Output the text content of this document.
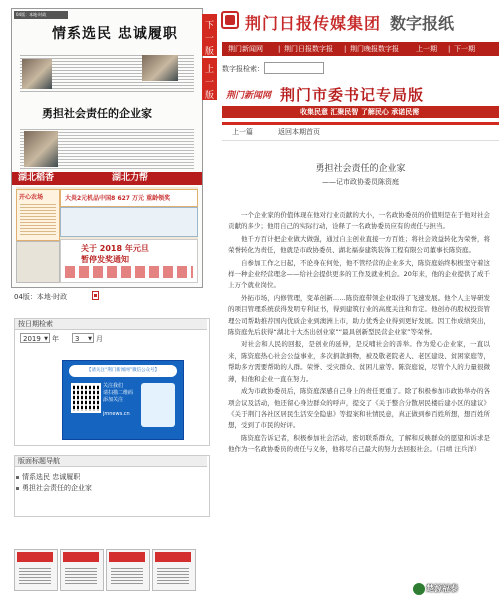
04版：本地·时政
情系选民 忠诚履职
勇担社会责任的企业家
湖北稻香	湖北力帮
开心农场	大炎2元机品中国8 627 万元 重龄领奖
关于 2018 年元旦
暂停发奖通知
下一版
上一版
荆门日报传媒集团 数字报纸
荆门新闻网 | 荆门日报数字报 | 荆门晚报数字报 上一期 | 下一期
数字报检索：
荆门新闻网 荆门市委书记专局版
收集民意 汇聚民智 了解民心 承诺民需
上一篇	返回本期首页
勇担社会责任的企业家
——记市政协委员陈资庭

一个企业家的价值体现在他对行业贡献的大小，一名政协委员的价值则是在于他对社会贡献的多少；他用自己的实际行动，诠释了一名政协委员应有的责任与担当。

他千方百计把企业做大做强，通过自主创业直接一方百姓；将社会效益转化为荣誉，将荣誉转化为责任，他就是市政协委员、湖北福泰建筑装饰工程有限公司董事长陈资庭。

自参加工作之日起，不论身在何处，他不管经营的企业多大，陈资庭始终积极坚守着这样一种企业经营理念——给社会提供更多的工作及就业机会。20年来，他的企业提供了成千上万个就业岗位。

外拓市场，内修管理，变革创新……陈资庭带领企业取得了飞速发展。他个人主导研发的项目管理系统获得发明专利证书，得到建筑行业的高度关注和肯定。他创办的股权投资管理公司帮助推荐国内优质企业到澳洲上市，助力优秀企业得到更好发展。因工作成绩突出，陈资庭先后获得“湖北十大杰出创业家”“最具创新型民营企业家”等荣誉。

对社会和人民的回报，是创业的延伸，是反哺社会的善举。作为爱心企业家，一直以来，陈资庭热心社会公益事业，多次捐款捐物，被及敬老院老人、老区建设、贫困家庭等，帮助多方需要帮助的人群。荣誉、受灾群众、贫困儿童等。陈资庭说，尽管个人的力量很微薄，但他和企业一直在努力。

成为市政协委员后，陈资庭深感自己身上的责任更重了。除了积极参加市政协举办的各项会议及活动，他还留心身边群众的呼声，提交了《关于整合分散居民楼后建小区的建议》《关于荆门各社区居民生活安全隐患》等提案和社情民意，真正做到参百姓所想，想百姓所想，受到了市民的好评。

陈资庭告诉记者，积极参加社会活动，密切联系群众，了解和反映群众的愿望和诉求是他作为一名政协委员的责任与义务，他将尽自己最大的努力去回报社会。（吕靖 汪兵洋）

04版：本地·时政
按日期检索
2019 ▼ 年	3 ▼ 月
【请关注“荆门新闻网”微信公众号】
关注我们
请扫描二维码
添加关注
jmnews.cn
版面标题导航
情系选民 忠诚履职
勇担社会责任的企业家
楚源福泰
